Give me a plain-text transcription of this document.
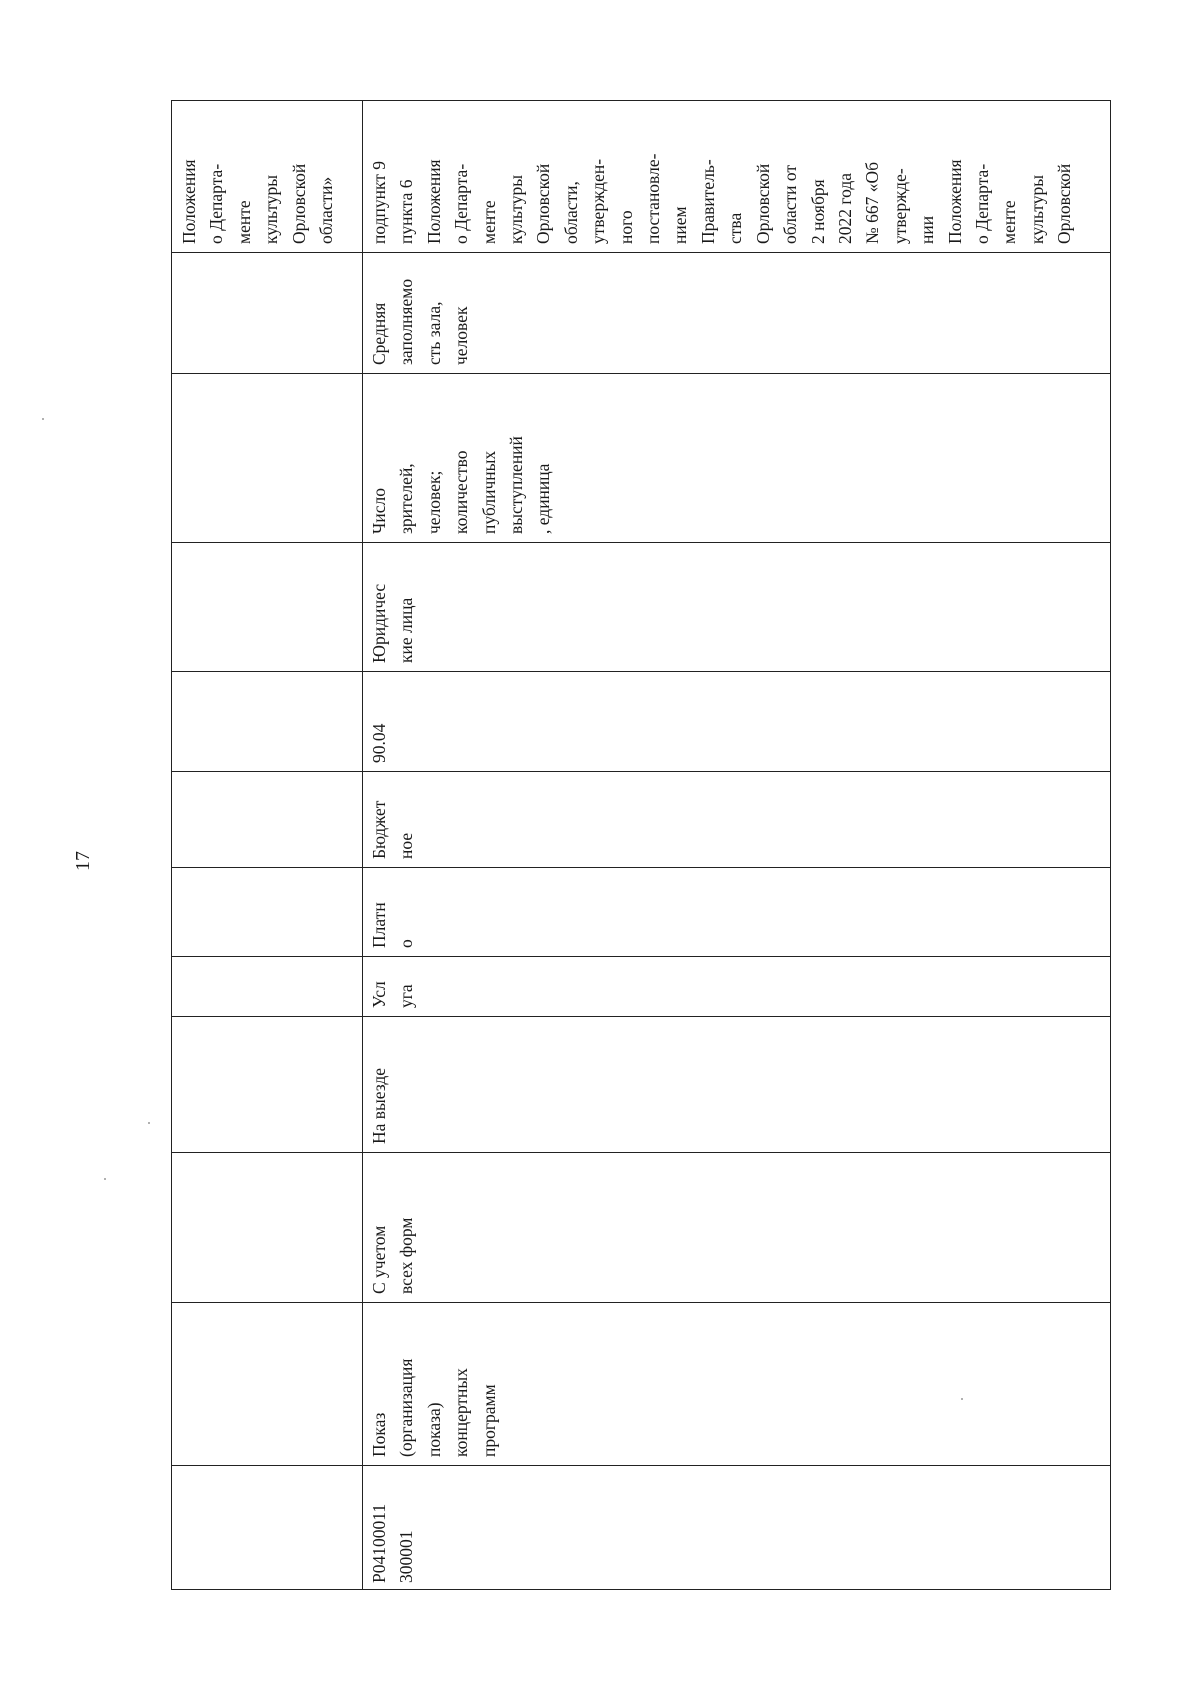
17
Положения
о Департа-
менте
культуры
Орловской
области»
P04100011
300001
Показ
(организация
показа)
концертных
программ
С учетом
всех форм
На выезде
Усл
уга
Платн
о
Бюджет
ное
90.04
Юридичес
кие лица
Число
зрителей,
человек;
количество
публичных
выступлений
, единица
Средняя
заполняемо
сть зала,
человек
подпункт 9
пункта 6
Положения
о Департа-
менте
культуры
Орловской
области,
утвержден-
ного
постановле-
нием
Правитель-
ства
Орловской
области от
2 ноября
2022 года
№ 667 «Об
утвержде-
нии
Положения
о Департа-
менте
культуры
Орловской
